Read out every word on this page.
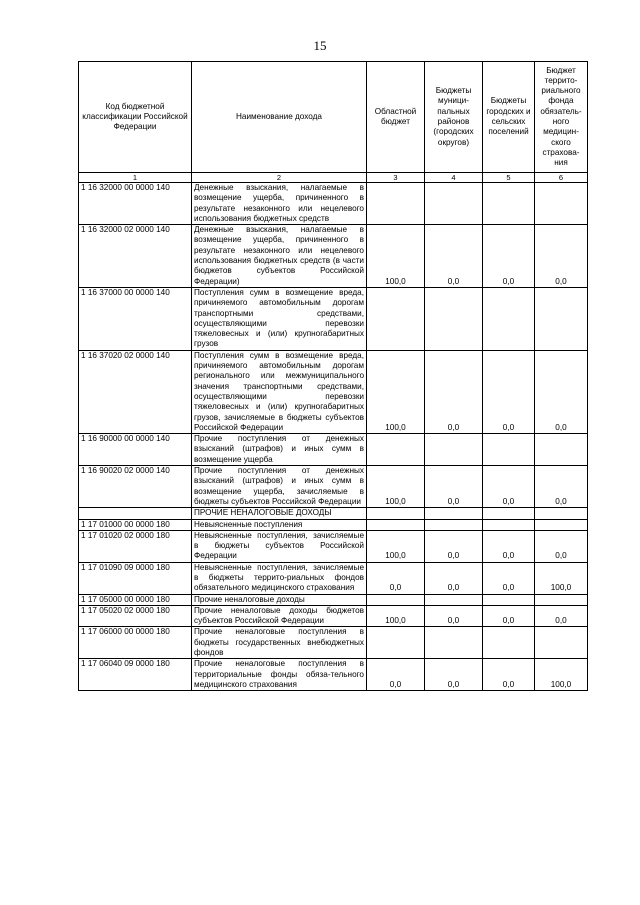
15
Код бюджетной классификации Российской Федерации	Наименование дохода	Областной бюджет	Бюджеты муници-пальных районов (городских округов)	Бюджеты городских и сельских поселений	Бюджет террито-риального фонда обязатель-ного медицин-ского страхова-ния
1	2	3	4	5	6
1 16 32000 00 0000 140	Денежные взыскания, налагаемые в возмещение ущерба, причиненного в результате незаконного или нецелевого использования бюджетных средств				
1 16 32000 02 0000 140	Денежные взыскания, налагаемые в возмещение ущерба, причиненного в результате незаконного или нецелевого использования бюджетных средств (в части бюджетов субъектов Российской Федерации)	100,0	0,0	0,0	0,0
1 16 37000 00 0000 140	Поступления сумм в возмещение вреда, причиняемого автомобильным дорогам транспортными средствами, осуществляющими перевозки тяжеловесных и (или) крупногабаритных грузов				
1 16 37020 02 0000 140	Поступления сумм в возмещение вреда, причиняемого автомобильным дорогам регионального или межмуниципального значения транспортными средствами, осуществляющими перевозки тяжеловесных и (или) крупногабаритных грузов, зачисляемые в бюджеты субъектов Российской Федерации	100,0	0,0	0,0	0,0
1 16 90000 00 0000 140	Прочие поступления от денежных взысканий (штрафов) и иных сумм в возмещение ущерба				
1 16 90020 02 0000 140	Прочие поступления от денежных взысканий (штрафов) и иных сумм в возмещение ущерба, зачисляемые в бюджеты субъектов Российской Федерации	100,0	0,0	0,0	0,0
	ПРОЧИЕ НЕНАЛОГОВЫЕ ДОХОДЫ				
1 17 01000 00 0000 180	Невыясненные поступления				
1 17 01020 02 0000 180	Невыясненные поступления, зачисляемые в бюджеты субъектов Российской Федерации	100,0	0,0	0,0	0,0
1 17 01090 09 0000 180	Невыясненные поступления, зачисляемые в бюджеты террито-риальных фондов обязательного медицинского страхования	0,0	0,0	0,0	100,0
1 17 05000 00 0000 180	Прочие неналоговые доходы				
1 17 05020 02 0000 180	Прочие неналоговые доходы бюджетов субъектов Российской Федерации	100,0	0,0	0,0	0,0
1 17 06000 00 0000 180	Прочие неналоговые поступления в бюджеты государственных внебюджетных фондов				
1 17 06040 09 0000 180	Прочие неналоговые поступления в территориальные фонды обяза-тельного медицинского страхования	0,0	0,0	0,0	100,0
